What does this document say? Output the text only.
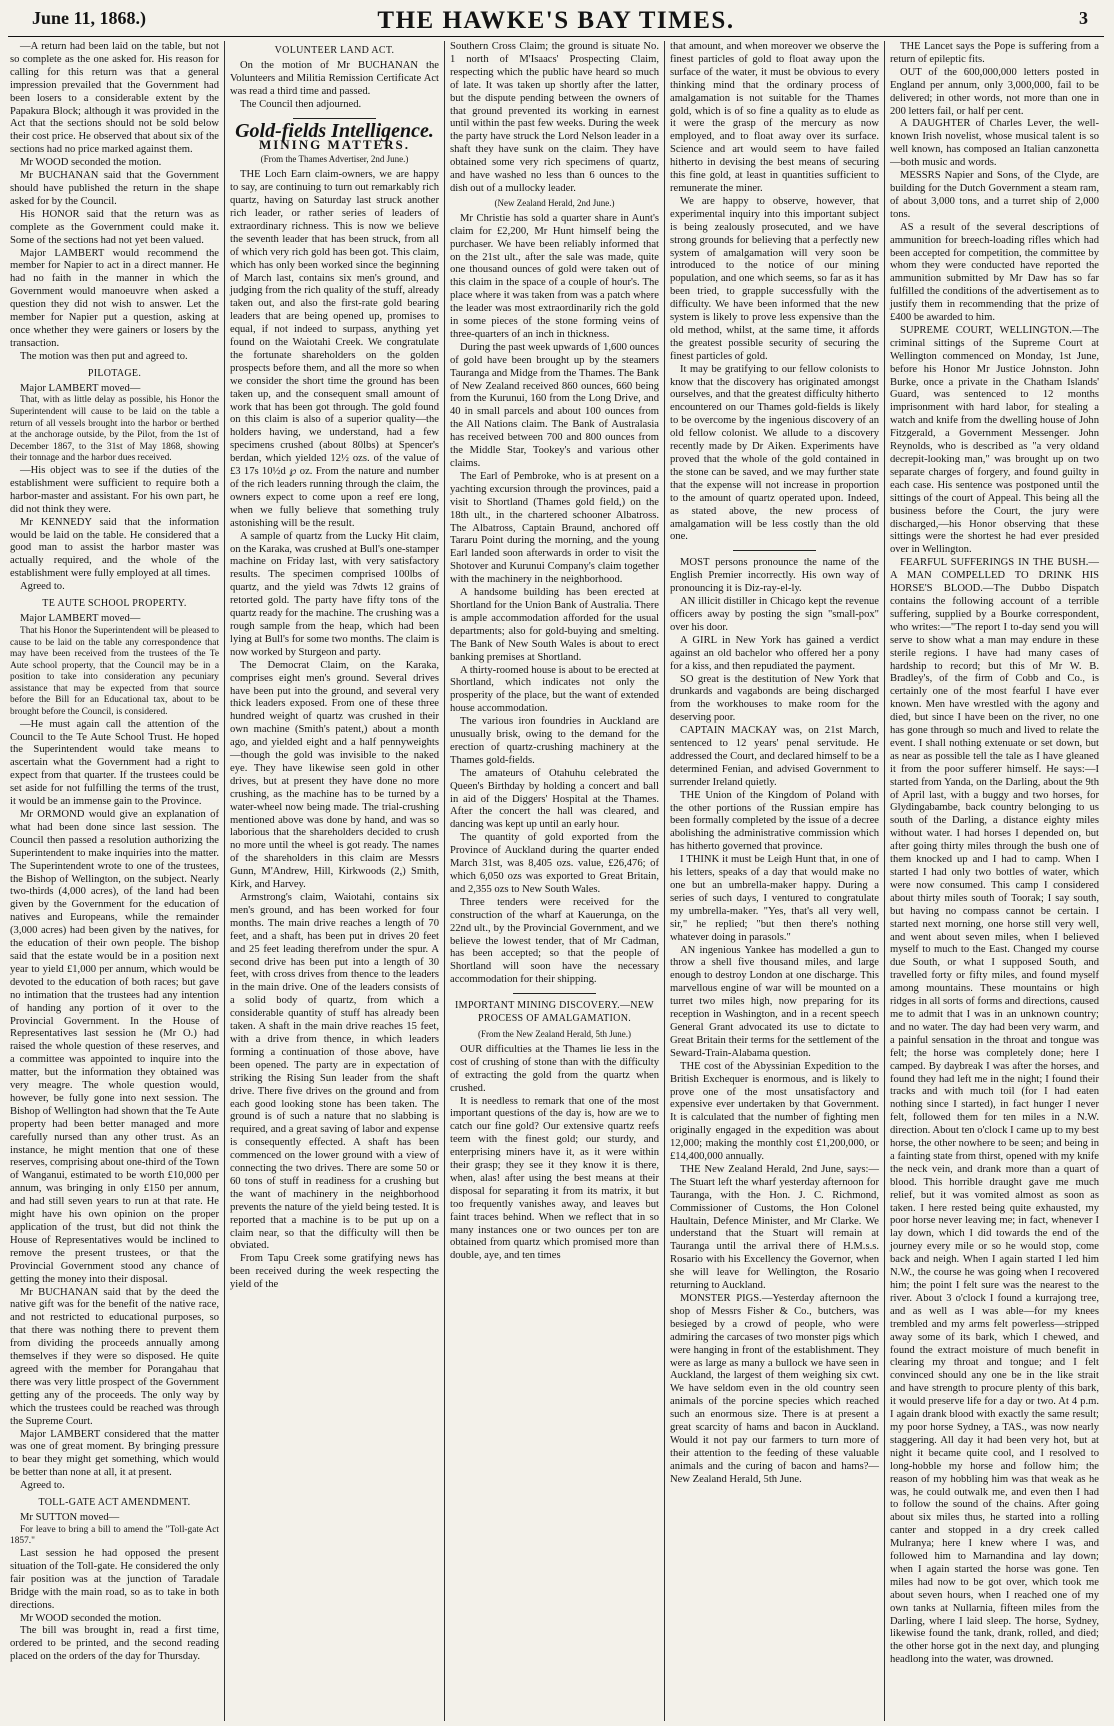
June 11, 1868.)	THE HAWKE'S BAY TIMES.	3

—A return had been laid on the table, but not so complete as the one asked for. His reason for calling for this return was that a general impression prevailed that the Government had been losers to a considerable extent by the Papakura Block; although it was provided in the Act that the sections should not be sold below their cost price. He observed that about six of the sections had no price marked against them.

Mr WOOD seconded the motion.

Mr BUCHANAN said that the Government should have published the return in the shape asked for by the Council.

His HONOR said that the return was as complete as the Government could make it. Some of the sections had not yet been valued.

Major LAMBERT would recommend the member for Napier to act in a direct manner. He had no faith in the manner in which the Government would manoeuvre when asked a question they did not wish to answer. Let the member for Napier put a question, asking at once whether they were gainers or losers by the transaction.

The motion was then put and agreed to.

PILOTAGE.

Major LAMBERT moved—

That, with as little delay as possible, his Honor the Superintendent will cause to be laid on the table a return of all vessels brought into the harbor or berthed at the anchorage outside, by the Pilot, from the 1st of December 1867, to the 31st of May 1868, showing their tonnage and the harbor dues received.

—His object was to see if the duties of the establishment were sufficient to require both a harbor-master and assistant. For his own part, he did not think they were.

Mr KENNEDY said that the information would be laid on the table. He considered that a good man to assist the harbor master was actually required, and the whole of the establishment were fully employed at all times.

Agreed to.

TE AUTE SCHOOL PROPERTY.

Major LAMBERT moved—

That his Honor the Superintendent will be pleased to cause to be laid on the table any correspondence that may have been received from the trustees of the Te Aute school property, that the Council may be in a position to take into consideration any pecuniary assistance that may be expected from that source before the Bill for an Educational tax, about to be brought before the Council, is considered.

—He must again call the attention of the Council to the Te Aute School Trust. He hoped the Superintendent would take means to ascertain what the Government had a right to expect from that quarter. If the trustees could be set aside for not fulfilling the terms of the trust, it would be an immense gain to the Province.

Mr ORMOND would give an explanation of what had been done since last session. The Council then passed a resolution authorizing the Superintendent to make inquiries into the matter. The Superintendent wrote to one of the trustees, the Bishop of Wellington, on the subject. Nearly two-thirds (4,000 acres), of the land had been given by the Government for the education of natives and Europeans, while the remainder (3,000 acres) had been given by the natives, for the education of their own people. The bishop said that the estate would be in a position next year to yield £1,000 per annum, which would be devoted to the education of both races; but gave no intimation that the trustees had any intention of handing any portion of it over to the Provincial Government. In the House of Representatives last session he (Mr O.) had raised the whole question of these reserves, and a committee was appointed to inquire into the matter, but the information they obtained was very meagre. The whole question would, however, be fully gone into next session. The Bishop of Wellington had shown that the Te Aute property had been better managed and more carefully nursed than any other trust. As an instance, he might mention that one of these reserves, comprising about one-third of the Town of Wanganui, estimated to be worth £10,000 per annum, was bringing in only £150 per annum, and had still seven years to run at that rate. He might have his own opinion on the proper application of the trust, but did not think the House of Representatives would be inclined to remove the present trustees, or that the Provincial Government stood any chance of getting the money into their disposal.

Mr BUCHANAN said that by the deed the native gift was for the benefit of the native race, and not restricted to educational purposes, so that there was nothing there to prevent them from dividing the proceeds annually among themselves if they were so disposed. He quite agreed with the member for Porangahau that there was very little prospect of the Government getting any of the proceeds. The only way by which the trustees could be reached was through the Supreme Court.

Major LAMBERT considered that the matter was one of great moment. By bringing pressure to bear they might get something, which would be better than none at all, it at present.

Agreed to.

TOLL-GATE ACT AMENDMENT.

Mr SUTTON moved—

For leave to bring a bill to amend the "Toll-gate Act 1857."

Last session he had opposed the present situation of the Toll-gate. He considered the only fair position was at the junction of Taradale Bridge with the main road, so as to take in both directions.

Mr WOOD seconded the motion.

The bill was brought in, read a first time, ordered to be printed, and the second reading placed on the orders of the day for Thursday.

VOLUNTEER LAND ACT.

On the motion of Mr BUCHANAN the Volunteers and Militia Remission Certificate Act was read a third time and passed.

The Council then adjourned.

Gold-fields Intelligence.
MINING MATTERS.
(From the Thames Advertiser, 2nd June.)

THE Loch Earn claim-owners, we are happy to say, are continuing to turn out remarkably rich quartz, having on Saturday last struck another rich leader, or rather series of leaders of extraordinary richness. This is now we believe the seventh leader that has been struck, from all of which very rich gold has been got. This claim, which has only been worked since the beginning of March last, contains six men's ground, and judging from the rich quality of the stuff, already taken out, and also the first-rate gold bearing leaders that are being opened up, promises to equal, if not indeed to surpass, anything yet found on the Waiotahi Creek. We congratulate the fortunate shareholders on the golden prospects before them, and all the more so when we consider the short time the ground has been taken up, and the consequent small amount of work that has been got through. The gold found on this claim is also of a superior quality—the holders having, we understand, had a few specimens crushed (about 80lbs) at Spencer's berdan, which yielded 12½ ozs. of the value of £3 17s 10½d ℘ oz. From the nature and number of the rich leaders running through the claim, the owners expect to come upon a reef ere long, when we fully believe that something truly astonishing will be the result.

A sample of quartz from the Lucky Hit claim, on the Karaka, was crushed at Bull's one-stamper machine on Friday last, with very satisfactory results. The specimen comprised 100lbs of quartz, and the yield was 7dwts 12 grains of retorted gold. The party have fifty tons of the quartz ready for the machine. The crushing was a rough sample from the heap, which had been lying at Bull's for some two months. The claim is now worked by Sturgeon and party.

The Democrat Claim, on the Karaka, comprises eight men's ground. Several drives have been put into the ground, and several very thick leaders exposed. From one of these three hundred weight of quartz was crushed in their own machine (Smith's patent,) about a month ago, and yielded eight and a half pennyweights—though the gold was invisible to the naked eye. They have likewise seen gold in other drives, but at present they have done no more crushing, as the machine has to be turned by a water-wheel now being made. The trial-crushing mentioned above was done by hand, and was so laborious that the shareholders decided to crush no more until the wheel is got ready. The names of the shareholders in this claim are Messrs Gunn, M'Andrew, Hill, Kirkwoods (2,) Smith, Kirk, and Harvey.

Armstrong's claim, Waiotahi, contains six men's ground, and has been worked for four months. The main drive reaches a length of 70 feet, and a shaft, has been put in drives 20 feet and 25 feet leading therefrom under the spur. A second drive has been put into a length of 30 feet, with cross drives from thence to the leaders in the main drive. One of the leaders consists of a solid body of quartz, from which a considerable quantity of stuff has already been taken. A shaft in the main drive reaches 15 feet, with a drive from thence, in which leaders forming a continuation of those above, have been opened. The party are in expectation of striking the Rising Sun leader from the shaft drive. There five drives on the ground and from each good looking stone has been taken. The ground is of such a nature that no slabbing is required, and a great saving of labor and expense is consequently effected. A shaft has been commenced on the lower ground with a view of connecting the two drives. There are some 50 or 60 tons of stuff in readiness for a crushing but the want of machinery in the neighborhood prevents the nature of the yield being tested. It is reported that a machine is to be put up on a claim near, so that the difficulty will then be obviated.

From Tapu Creek some gratifying news has been received during the week respecting the yield of the

Southern Cross Claim; the ground is situate No. 1 north of M'Isaacs' Prospecting Claim, respecting which the public have heard so much of late. It was taken up shortly after the latter, but the dispute pending between the owners of that ground prevented its working in earnest until within the past few weeks. During the week the party have struck the Lord Nelson leader in a shaft they have sunk on the claim. They have obtained some very rich specimens of quartz, and have washed no less than 6 ounces to the dish out of a mullocky leader.

(New Zealand Herald, 2nd June.)

Mr Christie has sold a quarter share in Aunt's claim for £2,200, Mr Hunt himself being the purchaser. We have been reliably informed that on the 21st ult., after the sale was made, quite one thousand ounces of gold were taken out of this claim in the space of a couple of hour's. The place where it was taken from was a patch where the leader was most extraordinarily rich the gold in some pieces of the stone forming veins of three-quarters of an inch in thickness.

During the past week upwards of 1,600 ounces of gold have been brought up by the steamers Tauranga and Midge from the Thames. The Bank of New Zealand received 860 ounces, 660 being from the Kurunui, 160 from the Long Drive, and 40 in small parcels and about 100 ounces from the All Nations claim. The Bank of Australasia has received between 700 and 800 ounces from the Middle Star, Tookey's and various other claims.

The Earl of Pembroke, who is at present on a yachting excursion through the provinces, paid a visit to Shortland (Thames gold field,) on the 18th ult., in the chartered schooner Albatross. The Albatross, Captain Braund, anchored off Tararu Point during the morning, and the young Earl landed soon afterwards in order to visit the Shotover and Kurunui Company's claim together with the machinery in the neighborhood.

A handsome building has been erected at Shortland for the Union Bank of Australia. There is ample accommodation afforded for the usual departments; also for gold-buying and smelting. The Bank of New South Wales is about to erect banking premises at Shortland.

A thirty-roomed house is about to be erected at Shortland, which indicates not only the prosperity of the place, but the want of extended house accommodation.

The various iron foundries in Auckland are unusually brisk, owing to the demand for the erection of quartz-crushing machinery at the Thames gold-fields.

The amateurs of Otahuhu celebrated the Queen's Birthday by holding a concert and ball in aid of the Diggers' Hospital at the Thames. After the concert the hall was cleared, and dancing was kept up until an early hour.

The quantity of gold exported from the Province of Auckland during the quarter ended March 31st, was 8,405 ozs. value, £26,476; of which 6,050 ozs was exported to Great Britain, and 2,355 ozs to New South Wales.

Three tenders were received for the construction of the wharf at Kauerunga, on the 22nd ult., by the Provincial Government, and we believe the lowest tender, that of Mr Cadman, has been accepted; so that the people of Shortland will soon have the necessary accommodation for their shipping.

IMPORTANT MINING DISCOVERY.—NEW PROCESS OF AMALGAMATION.
(From the New Zealand Herald, 5th June.)

OUR difficulties at the Thames lie less in the cost of crushing of stone than with the difficulty of extracting the gold from the quartz when crushed.

It is needless to remark that one of the most important questions of the day is, how are we to catch our fine gold? Our extensive quartz reefs teem with the finest gold; our sturdy, and enterprising miners have it, as it were within their grasp; they see it they know it is there, when, alas! after using the best means at their disposal for separating it from its matrix, it but too frequently vanishes away, and leaves but faint traces behind. When we reflect that in so many instances one or two ounces per ton are obtained from quartz which promised more than double, aye, and ten times

that amount, and when moreover we observe the finest particles of gold to float away upon the surface of the water, it must be obvious to every thinking mind that the ordinary process of amalgamation is not suitable for the Thames gold, which is of so fine a quality as to elude as it were the grasp of the mercury as now employed, and to float away over its surface. Science and art would seem to have failed hitherto in devising the best means of securing this fine gold, at least in quantities sufficient to remunerate the miner.

We are happy to observe, however, that experimental inquiry into this important subject is being zealously prosecuted, and we have strong grounds for believing that a perfectly new system of amalgamation will very soon be introduced to the notice of our mining population, and one which seems, so far as it has been tried, to grapple successfully with the difficulty. We have been informed that the new system is likely to prove less expensive than the old method, whilst, at the same time, it affords the greatest possible security of securing the finest particles of gold.

It may be gratifying to our fellow colonists to know that the discovery has originated amongst ourselves, and that the greatest difficulty hitherto encountered on our Thames gold-fields is likely to be overcome by the ingenious discovery of an old fellow colonist. We allude to a discovery recently made by Dr Aiken. Experiments have proved that the whole of the gold contained in the stone can be saved, and we may further state that the expense will not increase in proportion to the amount of quartz operated upon. Indeed, as stated above, the new process of amalgamation will be less costly than the old one.

MOST persons pronounce the name of the English Premier incorrectly. His own way of pronouncing it is Diz-ray-el-ly.

AN illicit distiller in Chicago kept the revenue officers away by posting the sign "small-pox" over his door.

A GIRL in New York has gained a verdict against an old bachelor who offered her a pony for a kiss, and then repudiated the payment.

SO great is the destitution of New York that drunkards and vagabonds are being discharged from the workhouses to make room for the deserving poor.

CAPTAIN MACKAY was, on 21st March, sentenced to 12 years' penal servitude. He addressed the Court, and declared himself to be a determined Fenian, and advised Government to surrender Ireland quietly.

THE Union of the Kingdom of Poland with the other portions of the Russian empire has been formally completed by the issue of a decree abolishing the administrative commission which has hitherto governed that province.

I THINK it must be Leigh Hunt that, in one of his letters, speaks of a day that would make no one but an umbrella-maker happy. During a series of such days, I ventured to congratulate my umbrella-maker. "Yes, that's all very well, sir," he replied; "but then there's nothing whatever doing in parasols."

AN ingenious Yankee has modelled a gun to throw a shell five thousand miles, and large enough to destroy London at one discharge. This marvellous engine of war will be mounted on a turret two miles high, now preparing for its reception in Washington, and in a recent speech General Grant advocated its use to dictate to Great Britain their terms for the settlement of the Seward-Train-Alabama question.

THE cost of the Abyssinian Expedition to the British Exchequer is enormous, and is likely to prove one of the most unsatisfactory and expensive ever undertaken by that Government. It is calculated that the number of fighting men originally engaged in the expedition was about 12,000; making the monthly cost £1,200,000, or £14,400,000 annually.

THE New Zealand Herald, 2nd June, says:—The Stuart left the wharf yesterday afternoon for Tauranga, with the Hon. J. C. Richmond, Commissioner of Customs, the Hon Colonel Haultain, Defence Minister, and Mr Clarke. We understand that the Stuart will remain at Tauranga until the arrival there of H.M.s.s. Rosario with his Excellency the Governor, when she will leave for Wellington, the Rosario returning to Auckland.

MONSTER PIGS.—Yesterday afternoon the shop of Messrs Fisher & Co., butchers, was besieged by a crowd of people, who were admiring the carcases of two monster pigs which were hanging in front of the establishment. They were as large as many a bullock we have seen in Auckland, the largest of them weighing six cwt. We have seldom even in the old country seen animals of the porcine species which reached such an enormous size. There is at present a great scarcity of hams and bacon in Auckland. Would it not pay our farmers to turn more of their attention to the feeding of these valuable animals and the curing of bacon and hams?—New Zealand Herald, 5th June.

THE Lancet says the Pope is suffering from a return of epileptic fits.

OUT of the 600,000,000 letters posted in England per annum, only 3,000,000, fail to be delivered; in other words, not more than one in 200 letters fail, or half per cent.

A DAUGHTER of Charles Lever, the well-known Irish novelist, whose musical talent is so well known, has composed an Italian canzonetta—both music and words.

MESSRS Napier and Sons, of the Clyde, are building for the Dutch Government a steam ram, of about 3,000 tons, and a turret ship of 2,000 tons.

AS a result of the several descriptions of ammunition for breech-loading rifles which had been accepted for competition, the committee by whom they were conducted have reported the ammunition submitted by Mr Daw has so far fulfilled the conditions of the advertisement as to justify them in recommending that the prize of £400 be awarded to him.

SUPREME COURT, WELLINGTON.—The criminal sittings of the Supreme Court at Wellington commenced on Monday, 1st June, before his Honor Mr Justice Johnston. John Burke, once a private in the Chatham Islands' Guard, was sentenced to 12 months imprisonment with hard labor, for stealing a watch and knife from the dwelling house of John Fitzgerald, a Government Messenger. John Reynolds, who is described as "a very oldand decrepit-looking man," was brought up on two separate charges of forgery, and found guilty in each case. His sentence was postponed until the sittings of the court of Appeal. This being all the business before the Court, the jury were discharged,—his Honor observing that these sittings were the shortest he had ever presided over in Wellington.

FEARFUL SUFFERINGS IN THE BUSH.— A MAN COMPELLED TO DRINK HIS HORSE'S BLOOD.—The Dubbo Dispatch contains the following account of a terrible suffering, supplied by a Bourke correspondent, who writes:—"The report I to-day send you will serve to show what a man may endure in these sterile regions. I have had many cases of hardship to record; but this of Mr W. B. Bradley's, of the firm of Cobb and Co., is certainly one of the most fearful I have ever known. Men have wrestled with the agony and died, but since I have been on the river, no one has gone through so much and lived to relate the event. I shall nothing extenuate or set down, but as near as possible tell the tale as I have gleaned it from the poor sufferer himself. He says:—I started from Yanda, on the Darling, about the 9th of April last, with a buggy and two horses, for Glydingabambe, back country belonging to us south of the Darling, a distance eighty miles without water. I had horses I depended on, but after going thirty miles through the bush one of them knocked up and I had to camp. When I started I had only two bottles of water, which were now consumed. This camp I considered about thirty miles south of Toorak; I say south, but having no compass cannot be certain. I started next morning, one horse still very well, and went about seven miles, when I believed myself to much to the East. Changed my course due South, or what I supposed South, and travelled forty or fifty miles, and found myself among mountains. These mountains or high ridges in all sorts of forms and directions, caused me to admit that I was in an unknown country; and no water. The day had been very warm, and a painful sensation in the throat and tongue was felt; the horse was completely done; here I camped. By daybreak I was after the horses, and found they had left me in the night; I found their tracks and with much toil (for I had eaten nothing since I started), in fact hunger I never felt, followed them for ten miles in a N.W. direction. About ten o'clock I came up to my best horse, the other nowhere to be seen; and being in a fainting state from thirst, opened with my knife the neck vein, and drank more than a quart of blood. This horrible draught gave me much relief, but it was vomited almost as soon as taken. I here rested being quite exhausted, my poor horse never leaving me; in fact, whenever I lay down, which I did towards the end of the journey every mile or so he would stop, come back and neigh. When I again started I led him N.W., the course he was going when I recovered him; the point I felt sure was the nearest to the river. About 3 o'clock I found a kurrajong tree, and as well as I was able—for my knees trembled and my arms felt powerless—stripped away some of its bark, which I chewed, and found the extract moisture of much benefit in clearing my throat and tongue; and I felt convinced should any one be in the like strait and have strength to procure plenty of this bark, it would preserve life for a day or two. At 4 p.m. I again drank blood with exactly the same result; my poor horse Sydney, a TAS., was now nearly staggering. All day it had been very hot, but at night it became quite cool, and I resolved to long-hobble my horse and follow him; the reason of my hobbling him was that weak as he was, he could outwalk me, and even then I had to follow the sound of the chains. After going about six miles thus, he started into a rolling canter and stopped in a dry creek called Mulranya; here I knew where I was, and followed him to Marnandina and lay down; when I again started the horse was gone. Ten miles had now to be got over, which took me about seven hours, when I reached one of my own tanks at Nullarnia, fifteen miles from the Darling, where I laid sleep. The horse, Sydney, likewise found the tank, drank, rolled, and died; the other horse got in the next day, and plunging headlong into the water, was drowned.
